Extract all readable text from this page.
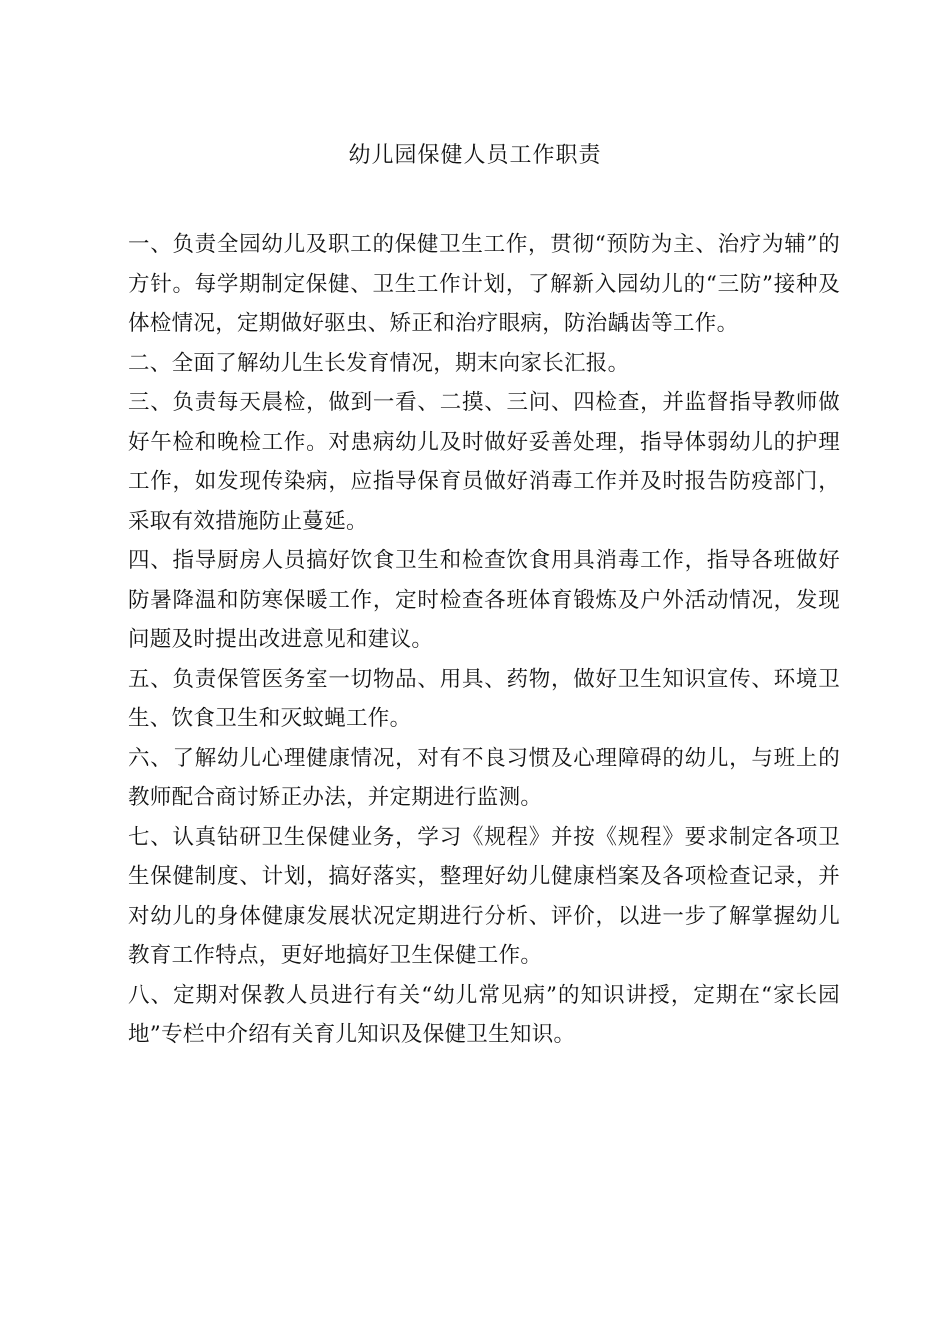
幼儿园保健人员工作职责

一、负责全园幼儿及职工的保健卫生工作，贯彻“预防为主、治疗为辅”的方针。每学期制定保健、卫生工作计划，了解新入园幼儿的“三防”接种及体检情况，定期做好驱虫、矫正和治疗眼病，防治龋齿等工作。

二、全面了解幼儿生长发育情况，期末向家长汇报。

三、负责每天晨检，做到一看、二摸、三问、四检查，并监督指导教师做好午检和晚检工作。对患病幼儿及时做好妥善处理，指导体弱幼儿的护理工作，如发现传染病，应指导保育员做好消毒工作并及时报告防疫部门，采取有效措施防止蔓延。

四、指导厨房人员搞好饮食卫生和检查饮食用具消毒工作，指导各班做好防暑降温和防寒保暖工作，定时检查各班体育锻炼及户外活动情况，发现问题及时提出改进意见和建议。

五、负责保管医务室一切物品、用具、药物，做好卫生知识宣传、环境卫生、饮食卫生和灭蚊蝇工作。

六、了解幼儿心理健康情况，对有不良习惯及心理障碍的幼儿，与班上的教师配合商讨矫正办法，并定期进行监测。

七、认真钻研卫生保健业务，学习《规程》并按《规程》要求制定各项卫生保健制度、计划，搞好落实，整理好幼儿健康档案及各项检查记录，并对幼儿的身体健康发展状况定期进行分析、评价，以进一步了解掌握幼儿教育工作特点，更好地搞好卫生保健工作。

八、定期对保教人员进行有关“幼儿常见病”的知识讲授，定期在“家长园地”专栏中介绍有关育儿知识及保健卫生知识。
